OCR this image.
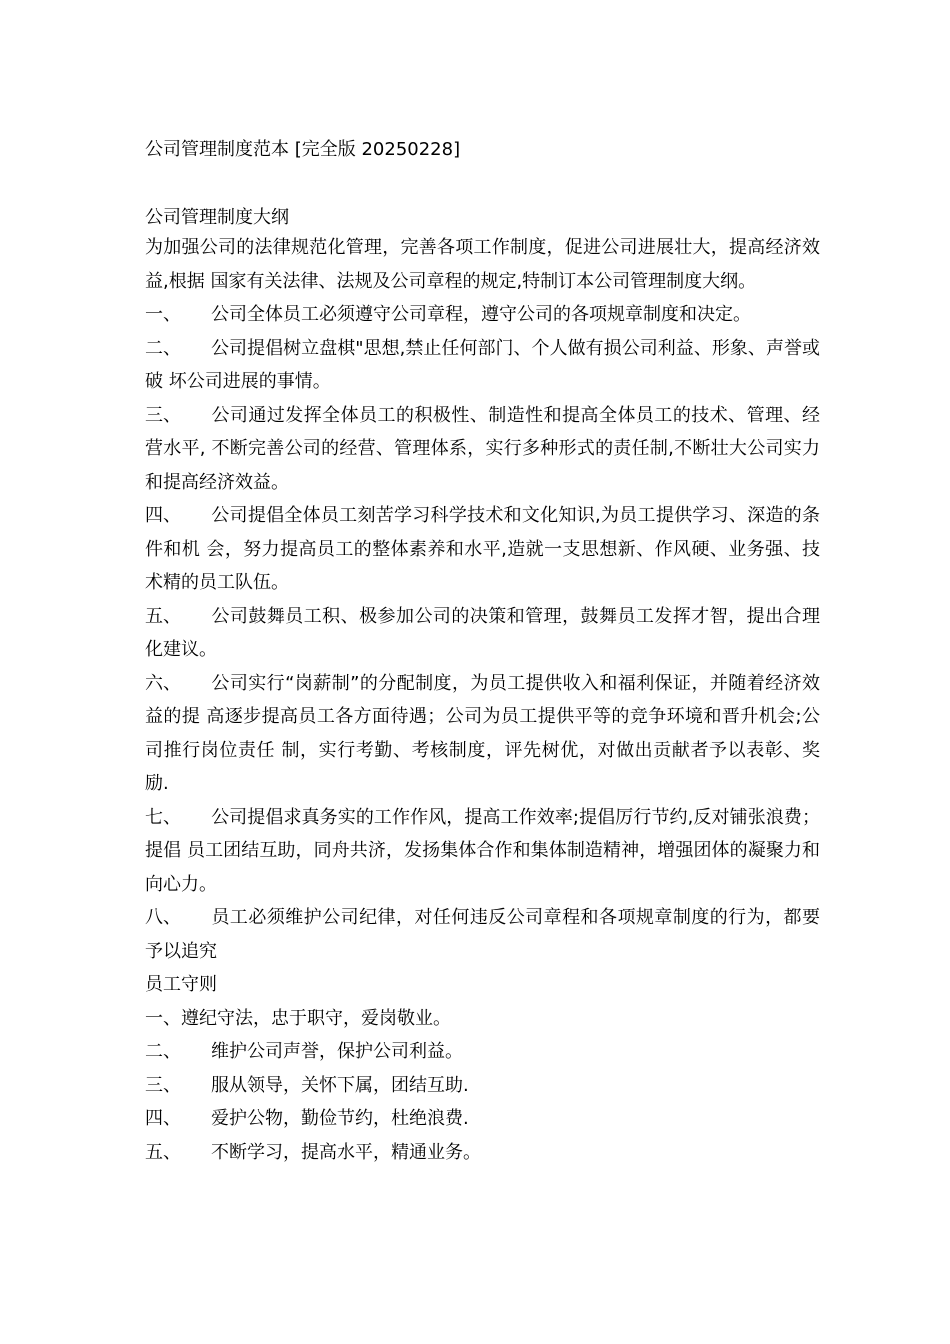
公司管理制度范本 [完全版 20250228]
公司管理制度大纲

为加强公司的法律规范化管理，完善各项工作制度，促进公司进展壮大，提高经济效益,根据 国家有关法律、法规及公司章程的规定,特制订本公司管理制度大纲。

一、 公司全体员工必须遵守公司章程，遵守公司的各项规章制度和决定。
二、 公司提倡树立盘棋"思想,禁止任何部门、个人做有损公司利益、形象、声誉或破 坏公司进展的事情。
三、 公司通过发挥全体员工的积极性、制造性和提高全体员工的技术、管理、经营水平, 不断完善公司的经营、管理体系，实行多种形式的责任制,不断壮大公司实力和提高经济效益。
四、 公司提倡全体员工刻苦学习科学技术和文化知识,为员工提供学习、深造的条件和机 会，努力提高员工的整体素养和水平,造就一支思想新、作风硬、业务强、技术精的员工队伍。
五、 公司鼓舞员工积、极参加公司的决策和管理，鼓舞员工发挥才智，提出合理化建议。
六、 公司实行“岗薪制”的分配制度，为员工提供收入和福利保证，并随着经济效益的提 高逐步提高员工各方面待遇；公司为员工提供平等的竞争环境和晋升机会;公司推行岗位责任 制，实行考勤、考核制度，评先树优，对做出贡献者予以表彰、奖励.
七、 公司提倡求真务实的工作作风，提高工作效率;提倡厉行节约,反对铺张浪费；提倡 员工团结互助，同舟共济，发扬集体合作和集体制造精神，增强团体的凝聚力和向心力。
八、 员工必须维护公司纪律，对任何违反公司章程和各项规章制度的行为，都要予以追究
员工守则
一、遵纪守法，忠于职守，爱岗敬业。
二、 维护公司声誉，保护公司利益。
三、 服从领导，关怀下属，团结互助.
四、 爱护公物，勤俭节约，杜绝浪费.
五、 不断学习，提高水平，精通业务。
